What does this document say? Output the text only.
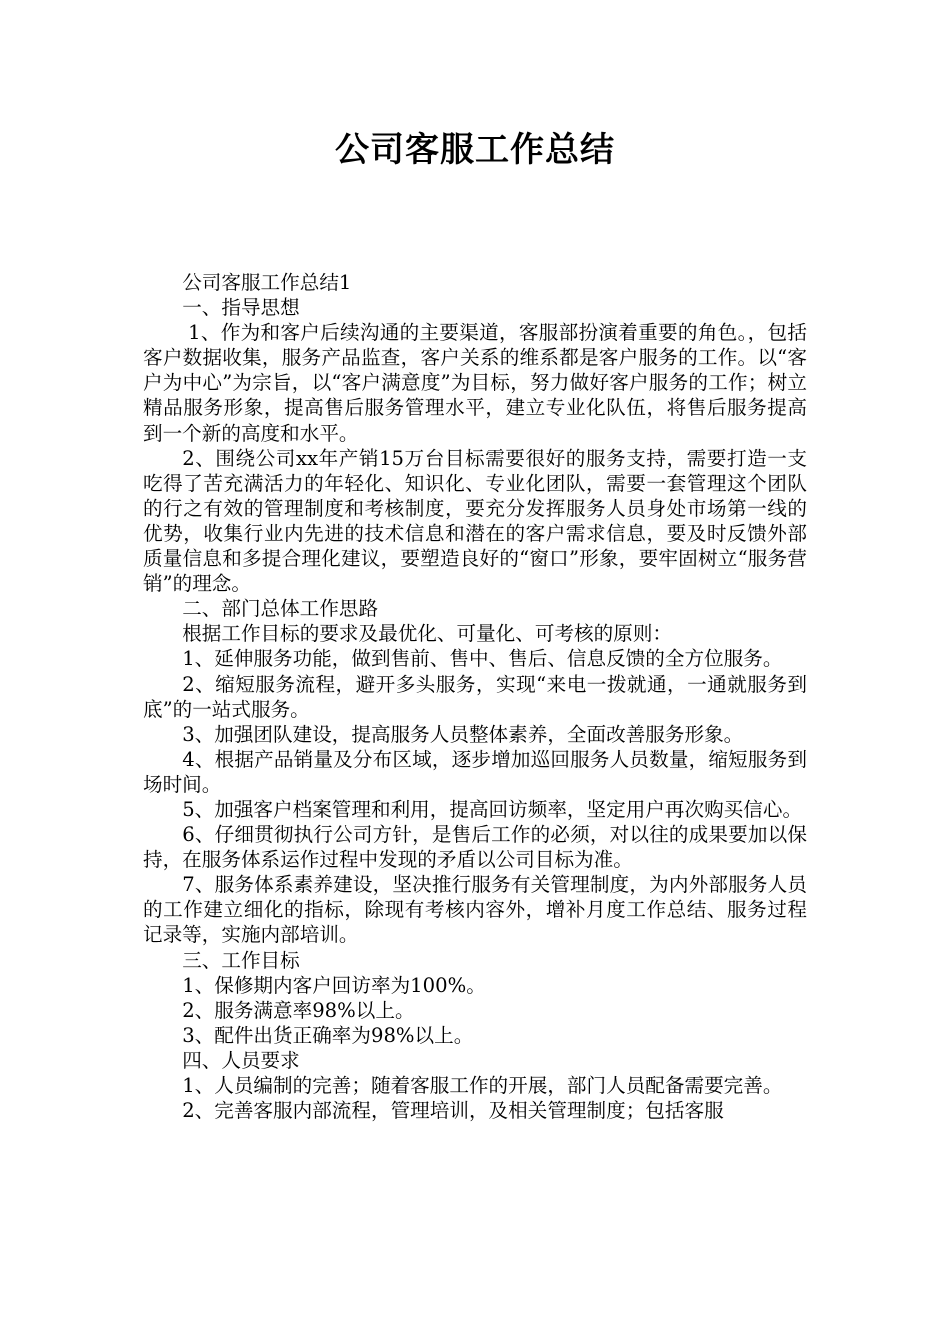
公司客服工作总结

公司客服工作总结1

一、指导思想

1、作为和客户后续沟通的主要渠道，客服部扮演着重要的角色。，包括客户数据收集，服务产品监查，客户关系的维系都是客户服务的工作。以“客户为中心”为宗旨，以“客户满意度”为目标，努力做好客户服务的工作；树立精品服务形象，提高售后服务管理水平，建立专业化队伍，将售后服务提高到一个新的高度和水平。

2、围绕公司xx年产销15万台目标需要很好的服务支持，需要打造一支吃得了苦充满活力的年轻化、知识化、专业化团队，需要一套管理这个团队的行之有效的管理制度和考核制度，要充分发挥服务人员身处市场第一线的优势，收集行业内先进的技术信息和潜在的客户需求信息，要及时反馈外部质量信息和多提合理化建议，要塑造良好的“窗口”形象，要牢固树立“服务营销”的理念。

二、部门总体工作思路

根据工作目标的要求及最优化、可量化、可考核的原则：

1、延伸服务功能，做到售前、售中、售后、信息反馈的全方位服务。

2、缩短服务流程，避开多头服务，实现“来电一拨就通，一通就服务到底”的一站式服务。

3、加强团队建设，提高服务人员整体素养，全面改善服务形象。

4、根据产品销量及分布区域，逐步增加巡回服务人员数量，缩短服务到场时间。

5、加强客户档案管理和利用，提高回访频率，坚定用户再次购买信心。

6、仔细贯彻执行公司方针，是售后工作的必须，对以往的成果要加以保持，在服务体系运作过程中发现的矛盾以公司目标为准。

7、服务体系素养建设，坚决推行服务有关管理制度，为内外部服务人员的工作建立细化的指标，除现有考核内容外，增补月度工作总结、服务过程记录等，实施内部培训。

三、工作目标

1、保修期内客户回访率为100%。

2、服务满意率98%以上。

3、配件出货正确率为98%以上。

四、人员要求

1、人员编制的完善；随着客服工作的开展，部门人员配备需要完善。

2、完善客服内部流程，管理培训，及相关管理制度；包括客服
